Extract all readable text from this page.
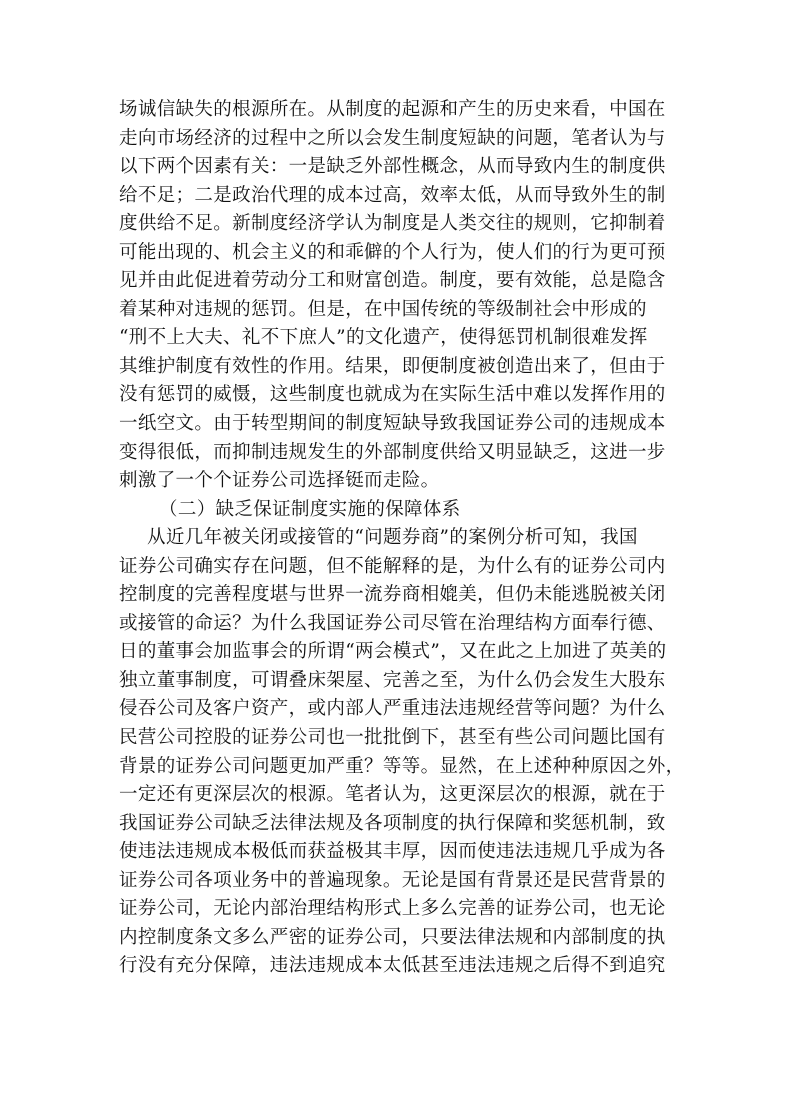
场诚信缺失的根源所在。从制度的起源和产生的历史来看，中国在
走向市场经济的过程中之所以会发生制度短缺的问题，笔者认为与
以下两个因素有关：一是缺乏外部性概念，从而导致内生的制度供
给不足；二是政治代理的成本过高，效率太低，从而导致外生的制
度供给不足。新制度经济学认为制度是人类交往的规则，它抑制着
可能出现的、机会主义的和乖僻的个人行为，使人们的行为更可预
见并由此促进着劳动分工和财富创造。制度，要有效能，总是隐含
着某种对违规的惩罚。但是，在中国传统的等级制社会中形成的
“刑不上大夫、礼不下庶人”的文化遗产，使得惩罚机制很难发挥
其维护制度有效性的作用。结果，即便制度被创造出来了，但由于
没有惩罚的威慑，这些制度也就成为在实际生活中难以发挥作用的
一纸空文。由于转型期间的制度短缺导致我国证券公司的违规成本
变得很低，而抑制违规发生的外部制度供给又明显缺乏，这进一步
刺激了一个个证券公司选择铤而走险。
（二）缺乏保证制度实施的保障体系
从近几年被关闭或接管的“问题券商”的案例分析可知，我国
证券公司确实存在问题，但不能解释的是，为什么有的证券公司内
控制度的完善程度堪与世界一流券商相媲美，但仍未能逃脱被关闭
或接管的命运？为什么我国证券公司尽管在治理结构方面奉行德、
日的董事会加监事会的所谓“两会模式”，又在此之上加进了英美的
独立董事制度，可谓叠床架屋、完善之至，为什么仍会发生大股东
侵吞公司及客户资产，或内部人严重违法违规经营等问题？为什么
民营公司控股的证券公司也一批批倒下，甚至有些公司问题比国有
背景的证券公司问题更加严重？等等。显然，在上述种种原因之外，
一定还有更深层次的根源。笔者认为，这更深层次的根源，就在于
我国证券公司缺乏法律法规及各项制度的执行保障和奖惩机制，致
使违法违规成本极低而获益极其丰厚，因而使违法违规几乎成为各
证券公司各项业务中的普遍现象。无论是国有背景还是民营背景的
证券公司，无论内部治理结构形式上多么完善的证券公司，也无论
内控制度条文多么严密的证券公司，只要法律法规和内部制度的执
行没有充分保障，违法违规成本太低甚至违法违规之后得不到追究
